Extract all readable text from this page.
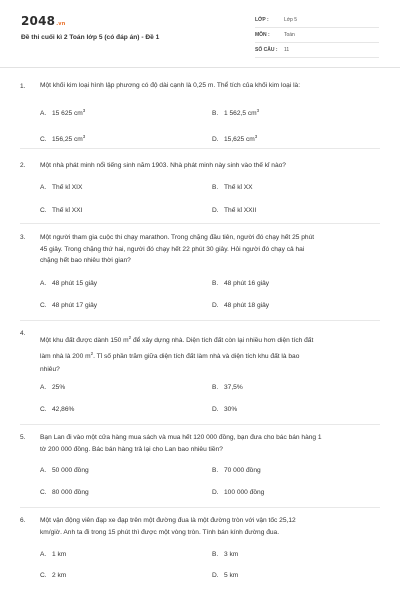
2048.vn
Đề thi cuối kì 2 Toán lớp 5 (có đáp án) - Đề 1
LỚP :	Lớp 5
MÔN :	Toán
SỐ CÂU : 11
1. Một khối kim loại hình lập phương có độ dài cạnh là 0,25 m. Thể tích của khối kim loại là:
A. 15 625 $cm^3$	B. 1 562,5 $cm^3$
C. 156,25 $cm^3$	D. 15,625 $cm^3$
2. Một nhà phát minh nổi tiếng sinh năm 1903. Nhà phát minh này sinh vào thế kỉ nào?
A. Thế kỉ XIX	B. Thế kỉ XX
C. Thế kỉ XXI	D. Thế kỉ XXII
3. Một người tham gia cuộc thi chạy marathon. Trong chặng đầu tiên, người đó chạy hết 25 phút
45 giây. Trong chặng thứ hai, người đó chạy hết 22 phút 30 giây. Hỏi người đó chạy cả hai
chặng hết bao nhiêu thời gian?
A. 48 phút 15 giây	B. 48 phút 16 giây
C. 48 phút 17 giây	D. 48 phút 18 giây
4.
Một khu đất được dành 150 $m^2$ để xây dựng nhà. Diện tích đất còn lại nhiều hơn diện tích đất
làm nhà là 200 $m^2$. Tỉ số phần trăm giữa diện tích đất làm nhà và diện tích khu đất là bao
nhiêu?
A. 25%	B. 37,5%
C. 42,86%	D. 30%
5. Bạn Lan đi vào một cửa hàng mua sách và mua hết 120 000 đồng, bạn đưa cho bác bán hàng 1
tờ 200 000 đồng. Bác bán hàng trả lại cho Lan bao nhiêu tiền?
A. 50 000 đồng	B. 70 000 đồng
C. 80 000 đồng	D. 100 000 đồng
6. Một vận động viên đạp xe đạp trên một đường đua là một đường tròn với vận tốc 25,12
km/giờ. Anh ta đi trong 15 phút thì được một vòng tròn. Tính bán kính đường đua.
A. 1 km	B. 3 km
C. 2 km	D. 5 km
